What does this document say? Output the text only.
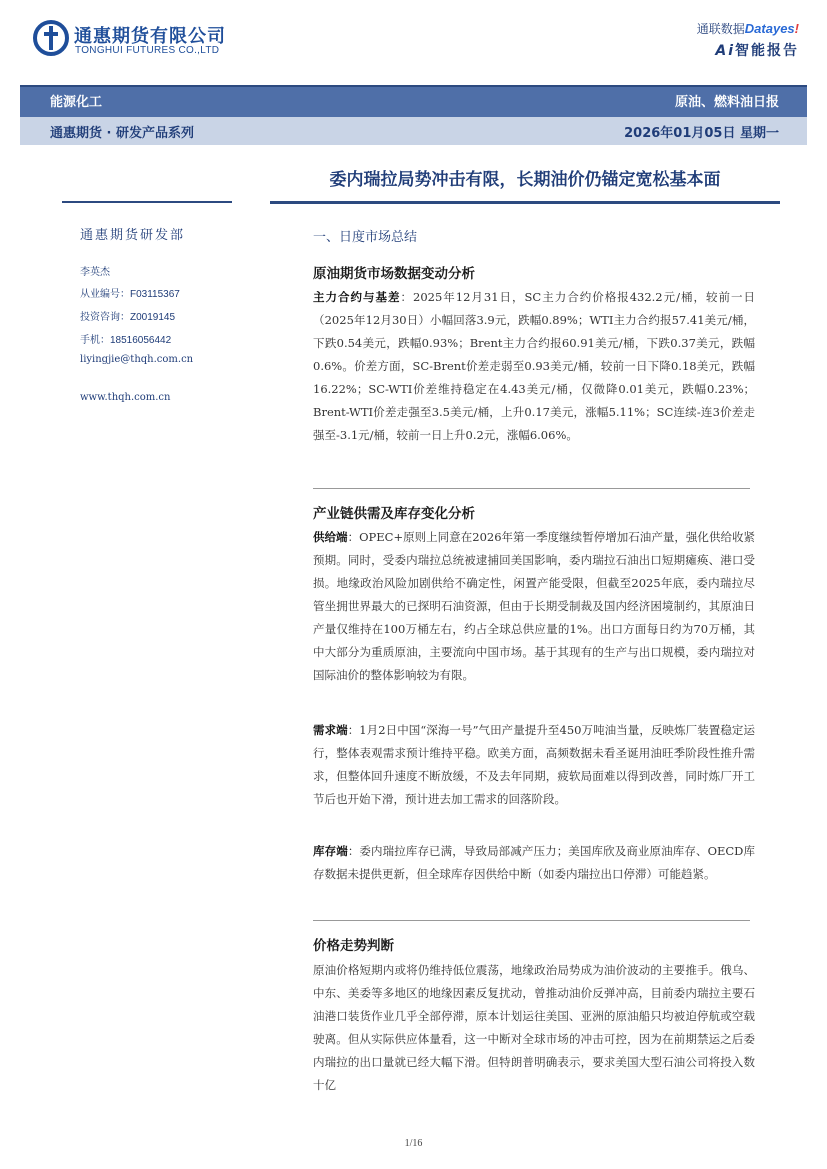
通惠期货有限公司
TONGHUI FUTURES CO.,LTD
通联数据Datayes!
Ai智能报告
能源化工	原油、燃料油日报
通惠期货 · 研发产品系列	2026年01月05日 星期一
委内瑞拉局势冲击有限，长期油价仍锚定宽松基本面
通惠期货研发部
李英杰
从业编号：F03115367
投资咨询：Z0019145
手机：18516056442
liyingjie@thqh.com.cn
www.thqh.com.cn
一、日度市场总结
原油期货市场数据变动分析
主力合约与基差：2025年12月31日，SC主力合约价格报432.2元/桶，较前一日（2025年12月30日）小幅回落3.9元，跌幅0.89%；WTI主力合约报57.41美元/桶，下跌0.54美元，跌幅0.93%；Brent主力合约报60.91美元/桶，下跌0.37美元，跌幅0.6%。价差方面，SC-Brent价差走弱至0.93美元/桶，较前一日下降0.18美元，跌幅16.22%；SC-WTI价差维持稳定在4.43美元/桶，仅微降0.01美元，跌幅0.23%；Brent-WTI价差走强至3.5美元/桶，上升0.17美元，涨幅5.11%；SC连续-连3价差走强至-3.1元/桶，较前一日上升0.2元，涨幅6.06%。
产业链供需及库存变化分析
供给端：OPEC+原则上同意在2026年第一季度继续暂停增加石油产量，强化供给收紧预期。同时，受委内瑞拉总统被逮捕回美国影响，委内瑞拉石油出口短期瘫痪、港口受损。地缘政治风险加剧供给不确定性，闲置产能受限，但截至2025年底，委内瑞拉尽管坐拥世界最大的已探明石油资源，但由于长期受制裁及国内经济困境制约，其原油日产量仅维持在100万桶左右，约占全球总供应量的1%。出口方面每日约为70万桶，其中大部分为重质原油，主要流向中国市场。基于其现有的生产与出口规模，委内瑞拉对国际油价的整体影响较为有限。
需求端：1月2日中国“深海一号”气田产量提升至450万吨油当量，反映炼厂装置稳定运行，整体表观需求预计维持平稳。欧美方面，高频数据未看圣诞用油旺季阶段性推升需求，但整体回升速度不断放缓，不及去年同期，疲软局面难以得到改善，同时炼厂开工节后也开始下滑，预计进去加工需求的回落阶段。
库存端：委内瑞拉库存已满，导致局部减产压力；美国库欣及商业原油库存、OECD库存数据未提供更新，但全球库存因供给中断（如委内瑞拉出口停滞）可能趋紧。
价格走势判断
原油价格短期内或将仍维持低位震荡，地缘政治局势成为油价波动的主要推手。俄乌、中东、美委等多地区的地缘因素反复扰动，曾推动油价反弹冲高，目前委内瑞拉主要石油港口装货作业几乎全部停滞，原本计划运往美国、亚洲的原油船只均被迫停航或空载驶离。但从实际供应体量看，这一中断对全球市场的冲击可控，因为在前期禁运之后委内瑞拉的出口量就已经大幅下滑。但特朗普明确表示，要求美国大型石油公司将投入数十亿
1/16
